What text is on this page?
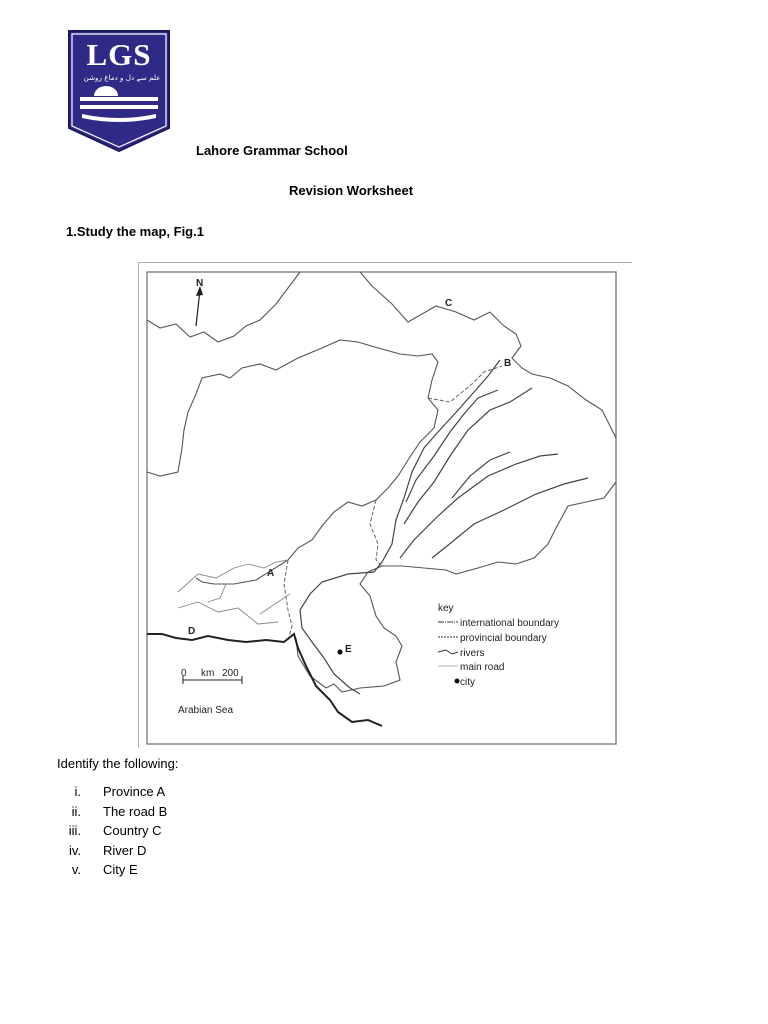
LGS
علم سے دل و دماغ روشن
Lahore Grammar School
Revision Worksheet
1.Study the map, Fig.1
N
A
B
C
D
E
0 km 200
Arabian Sea
key
international boundary
provincial boundary
rivers
main road
city
Identify the following:
i. Province A
ii. The road B
iii. Country C
iv. River D
v. City E
